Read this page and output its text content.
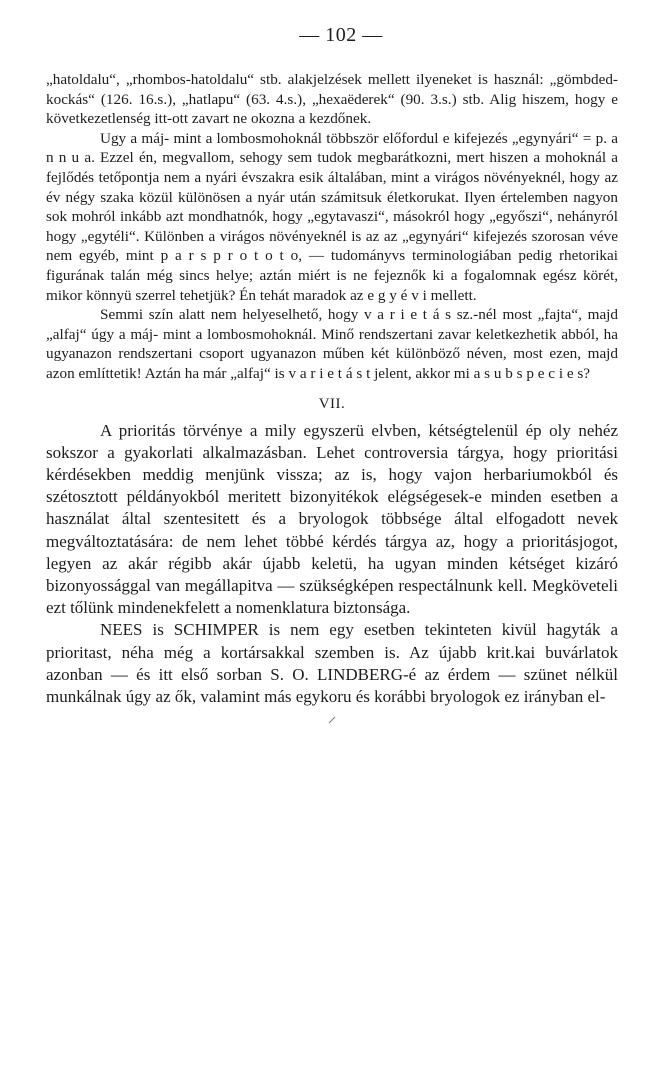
— 102 —

„hatoldalu“, „rhombos-hatoldalu“ stb. alakjelzések mellett ilyeneket is használ: „gömbded-kockás“ (126. 16.s.), „hatlapu“ (63. 4.s.), „hexaëderek“ (90. 3.s.) stb. Alig hiszem, hogy e következetlenség itt-ott zavart ne okozna a kezdőnek.

Ugy a máj- mint a lombosmohoknál többször előfordul e kifejezés „egynyári“ = p. a n n u a. Ezzel én, megvallom, sehogy sem tudok megbarátkozni, mert hiszen a mohoknál a fejlődés tetőpontja nem a nyári évszakra esik általában, mint a virágos növényeknél, hogy az év négy szaka közül különösen a nyár után számitsuk életkorukat. Ilyen értelemben nagyon sok mohról inkább azt mondhatnók, hogy „egytavaszi“, másokról hogy „egyőszi“, nehányról hogy „egytéli“. Különben a virágos növényeknél is az az „egynyári“ kifejezés szorosan véve nem egyéb, mint p a r s p r o t o t o, — tudományvs terminologiában pedig rhetorikai figurának talán még sincs helye; aztán miért is ne fejeznők ki a fogalomnak egész körét, mikor könnyü szerrel tehetjük? Én tehát maradok az e g y é v i mellett.

Semmi szín alatt nem helyeselhető, hogy v a r i e t á s sz.-nél most „fajta“, majd „alfaj“ úgy a máj- mint a lombosmohoknál. Minő rendszertani zavar keletkezhetik abból, ha ugyanazon rendszertani csoport ugyanazon műben két különböző néven, most ezen, majd azon említtetik! Aztán ha már „alfaj“ is v a r i e t á s t jelent, akkor mi a s u b s p e c i e s?

VII.

A prioritás törvénye a mily egyszerü elvben, kétségtelenül ép oly nehéz sokszor a gyakorlati alkalmazásban. Lehet controversia tárgya, hogy prioritási kérdésekben meddig menjünk vissza; az is, hogy vajon herbariumokból és szétosztott példányokból meritett bizonyitékok elégségesek-e minden esetben a használat által szentesitett és a bryologok többsége által elfogadott nevek megváltoztatására: de nem lehet többé kérdés tárgya az, hogy a prioritásjogot, legyen az akár régibb akár újabb keletü, ha ugyan minden kétséget kizáró bizonyossággal van megállapitva — szükségképen respectálnunk kell. Megköveteli ezt tőlünk mindenekfelett a nomenklatura biztonsága.

NEES is SCHIMPER is nem egy esetben tekinteten kivül hagyták a prioritast, néha még a kortársakkal szemben is. Az újabb krit.kai buvárlatok azonban — és itt első sorban S. O. LINDBERG-é az érdem — szünet nélkül munkálnak úgy az ők, valamint más egykoru és korábbi bryologok ez irányban el-
